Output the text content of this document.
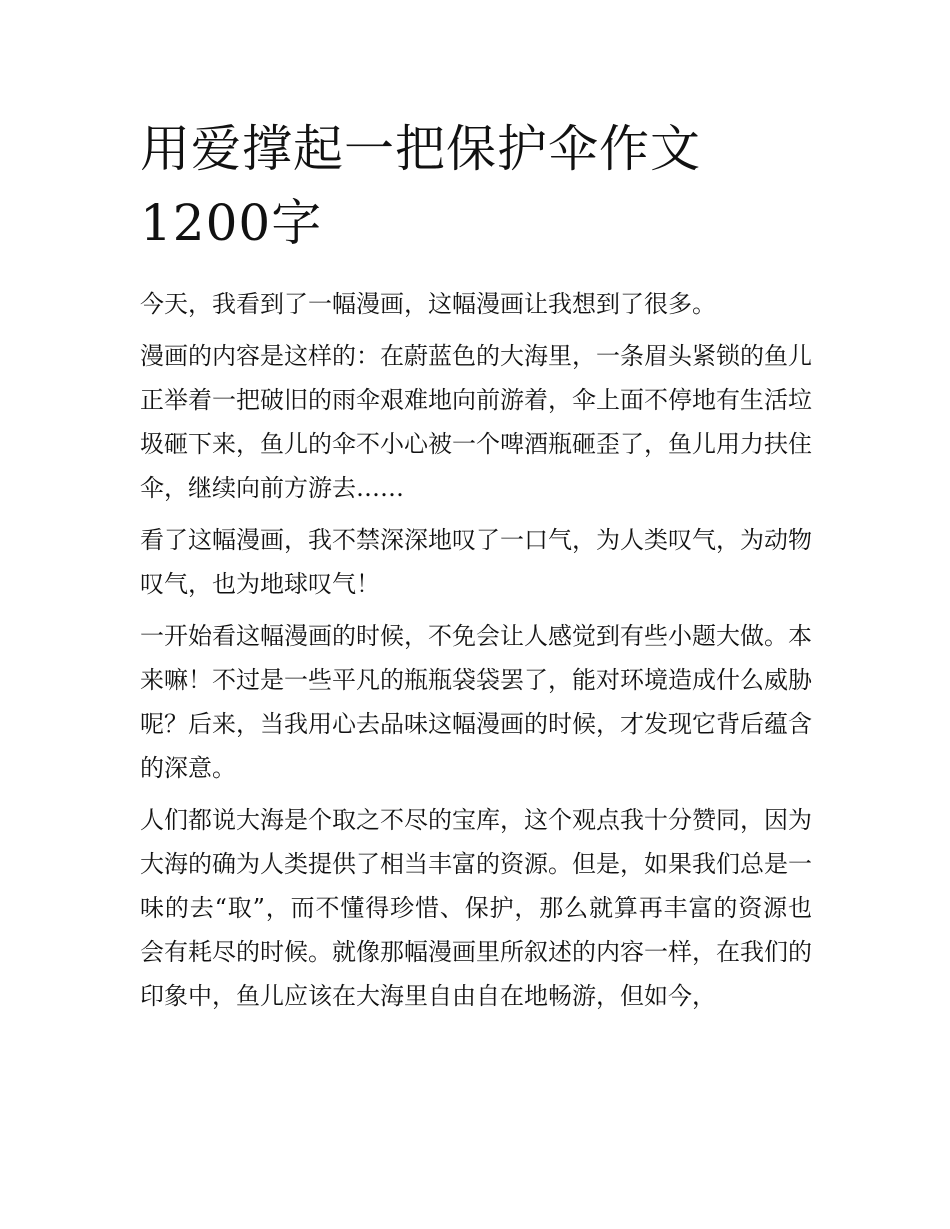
用爱撑起一把保护伞作文1200字

今天，我看到了一幅漫画，这幅漫画让我想到了很多。

漫画的内容是这样的：在蔚蓝色的大海里，一条眉头紧锁的鱼儿正举着一把破旧的雨伞艰难地向前游着，伞上面不停地有生活垃圾砸下来，鱼儿的伞不小心被一个啤酒瓶砸歪了，鱼儿用力扶住伞，继续向前方游去……

看了这幅漫画，我不禁深深地叹了一口气，为人类叹气，为动物叹气，也为地球叹气！

一开始看这幅漫画的时候，不免会让人感觉到有些小题大做。本来嘛！不过是一些平凡的瓶瓶袋袋罢了，能对环境造成什么威胁呢？后来，当我用心去品味这幅漫画的时候，才发现它背后蕴含的深意。

人们都说大海是个取之不尽的宝库，这个观点我十分赞同，因为大海的确为人类提供了相当丰富的资源。但是，如果我们总是一味的去“取”，而不懂得珍惜、保护，那么就算再丰富的资源也会有耗尽的时候。就像那幅漫画里所叙述的内容一样，在我们的印象中，鱼儿应该在大海里自由自在地畅游，但如今，
